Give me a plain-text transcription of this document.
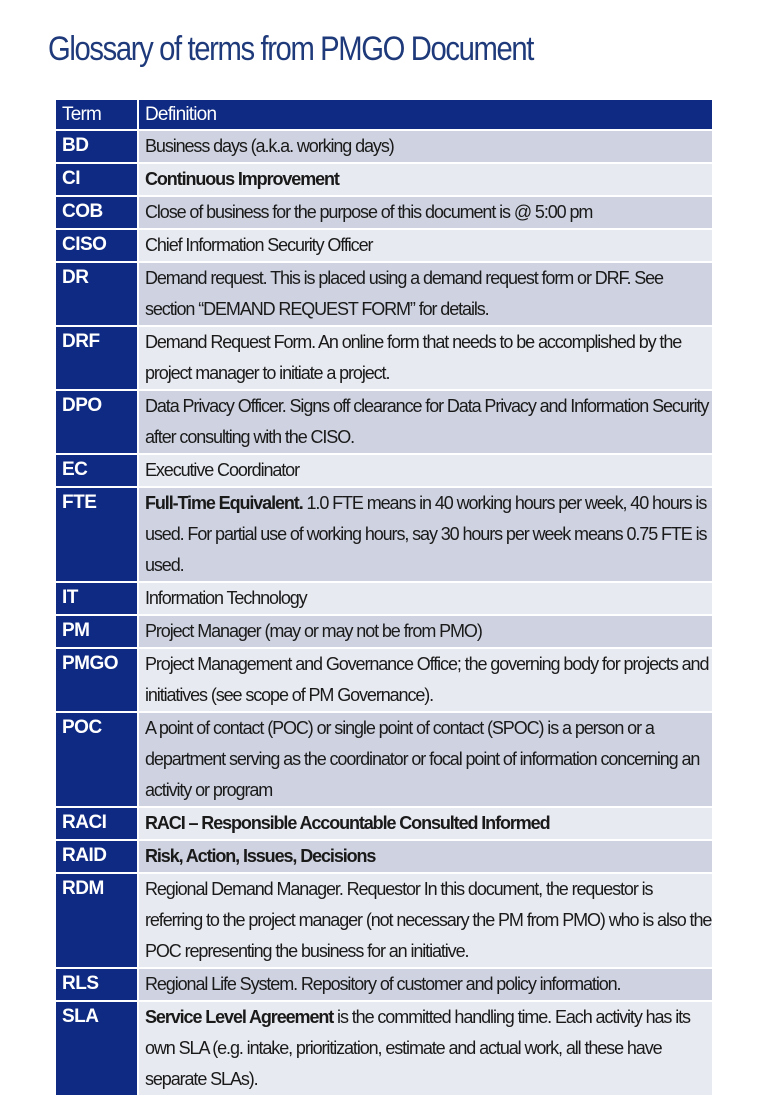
Glossary of terms from PMGO Document
Term	Definition
BD	Business days (a.k.a. working days)
CI	Continuous Improvement
COB	Close of business for the purpose of this document is @ 5:00 pm
CISO	Chief Information Security Officer
DR	Demand request. This is placed using a demand request form or DRF. See section “DEMAND REQUEST FORM” for details.
DRF	Demand Request Form. An online form that needs to be accomplished by the project manager to initiate a project.
DPO	Data Privacy Officer. Signs off clearance for Data Privacy and Information Security after consulting with the CISO.
EC	Executive Coordinator
FTE	Full-Time Equivalent. 1.0 FTE means in 40 working hours per week, 40 hours is used. For partial use of working hours, say 30 hours per week means 0.75 FTE is used.
IT	Information Technology
PM	Project Manager (may or may not be from PMO)
PMGO	Project Management and Governance Office; the governing body for projects and initiatives (see scope of PM Governance).
POC	A point of contact (POC) or single point of contact (SPOC) is a person or a department serving as the coordinator or focal point of information concerning an activity or program
RACI	RACI – Responsible Accountable Consulted Informed
RAID	Risk, Action, Issues, Decisions
RDM	Regional Demand Manager. Requestor In this document, the requestor is referring to the project manager (not necessary the PM from PMO) who is also the POC representing the business for an initiative.
RLS	Regional Life System. Repository of customer and policy information.
SLA	Service Level Agreement is the committed handling time. Each activity has its own SLA (e.g. intake, prioritization, estimate and actual work, all these have separate SLAs).
